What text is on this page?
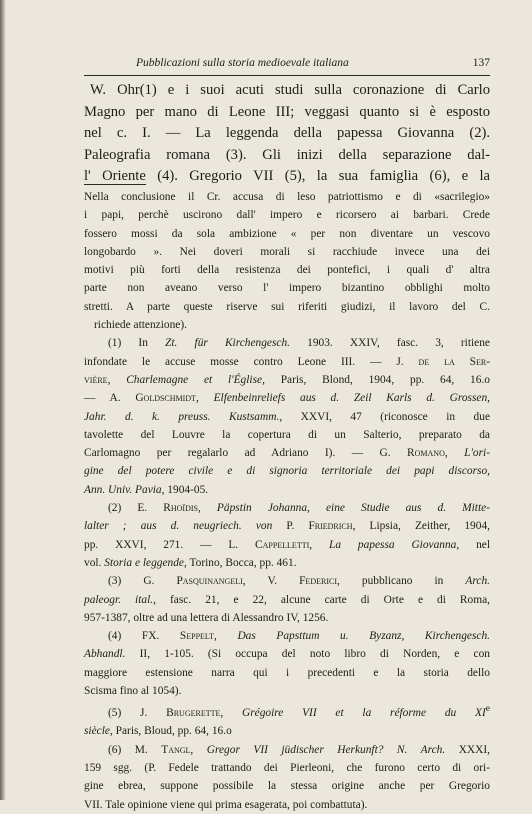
Pubblicazioni sulla storia medioevale italiana	137
W. Ohr(1) e i suoi acuti studi sulla coronazione di Carlo
Magno per mano di Leone III; veggasi quanto si è esposto
nel c. I. — La leggenda della papessa Giovanna (2).
Paleografia romana (3). Gli inizi della separazione dal-
l' Oriente (4). Gregorio VII (5), la sua famiglia (6), e la
Nella conclusione il Cr. accusa di leso patriottismo e di «sacrilegio»
i papi, perchè uscirono dall' impero e ricorsero ai barbari. Crede
fossero mossi da sola ambizione « per non diventare un vescovo
longobardo ». Nei doveri morali si racchiude invece una dei
motivi più forti della resistenza dei pontefici, i quali d' altra
parte non aveano verso l' impero bizantino obblighi molto
stretti. A parte queste riserve sui riferiti giudizi, il lavoro del C.
richiede attenzione).
(1) In Zt. für Kirchengesch. 1903. XXIV, fasc. 3, ritiene
infondate le accuse mosse contro Leone III. — J. de la Ser-
vière, Charlemagne et l'Église, Paris, Blond, 1904, pp. 64, 16.o
— A. Goldschmidt, Elfenbeinreliefs aus d. Zeil Karls d. Grossen,
Jahr. d. k. preuss. Kustsamm., XXVI, 47 (riconosce in due
tavolette del Louvre la copertura di un Salterio, preparato da
Carlomagno per regalarlo ad Adriano I). — G. Romano, L'ori-
gine del potere civile e di signoria territoriale dei papi discorso,
Ann. Univ. Pavia, 1904-05.
(2) E. Rhoïdis, Päpstin Johanna, eine Studie aus d. Mitte-
lalter ; aus d. neugriech. von P. Friedrich, Lipsia, Zeither, 1904,
pp. XXVI, 271. — L. Cappelletti, La papessa Giovanna, nel
vol. Storia e leggende, Torino, Bocca, pp. 461.
(3) G. Pasquinangeli, V. Federici, pubblicano in Arch.
paleogr. ital., fasc. 21, e 22, alcune carte di Orte e di Roma,
957-1387, oltre ad una lettera di Alessandro IV, 1256.
(4) FX. Seppelt, Das Papsttum u. Byzanz, Kirchengesch.
Abhandl. II, 1-105. (Si occupa del noto libro di Norden, e con
maggiore estensione narra qui i precedenti e la storia dello
Scisma fino al 1054).
(5) J. Brugerette, Grégoire VII et la réforme du XIe
siècle, Paris, Bloud, pp. 64, 16.o
(6) M. Tangl, Gregor VII jüdischer Herkunft? N. Arch. XXXI,
159 sgg. (P. Fedele trattando dei Pierleoni, che furono certo di ori-
gine ebrea, suppone possibile la stessa origine anche per Gregorio
VII. Tale opinione viene qui prima esagerata, poi combattuta).
